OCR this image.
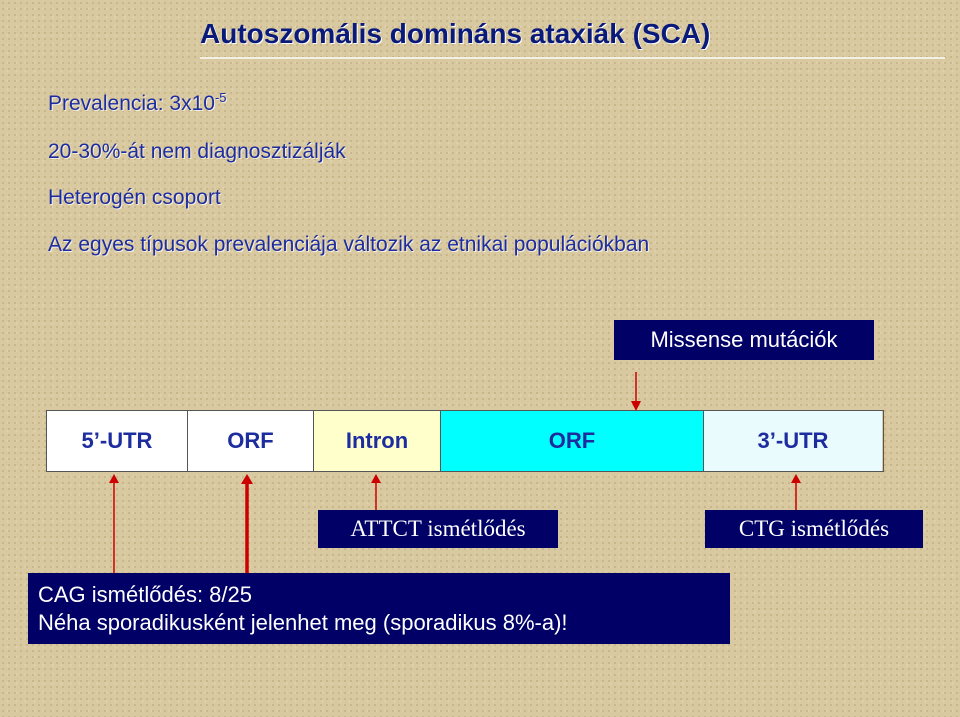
Autoszomális domináns ataxiák (SCA)
Prevalencia: $3x10^{-5}$
20-30%-át nem diagnosztizálják
Heterogén csoport
Az egyes típusok prevalenciája változik az etnikai populációkban
Missense mutációk
5’-UTR	ORF	Intron	ORF	3’-UTR
ATTCT ismétlődés	CTG ismétlődés
CAG ismétlődés: 8/25
Néha sporadikusként jelenhet meg (sporadikus 8%-a)!
